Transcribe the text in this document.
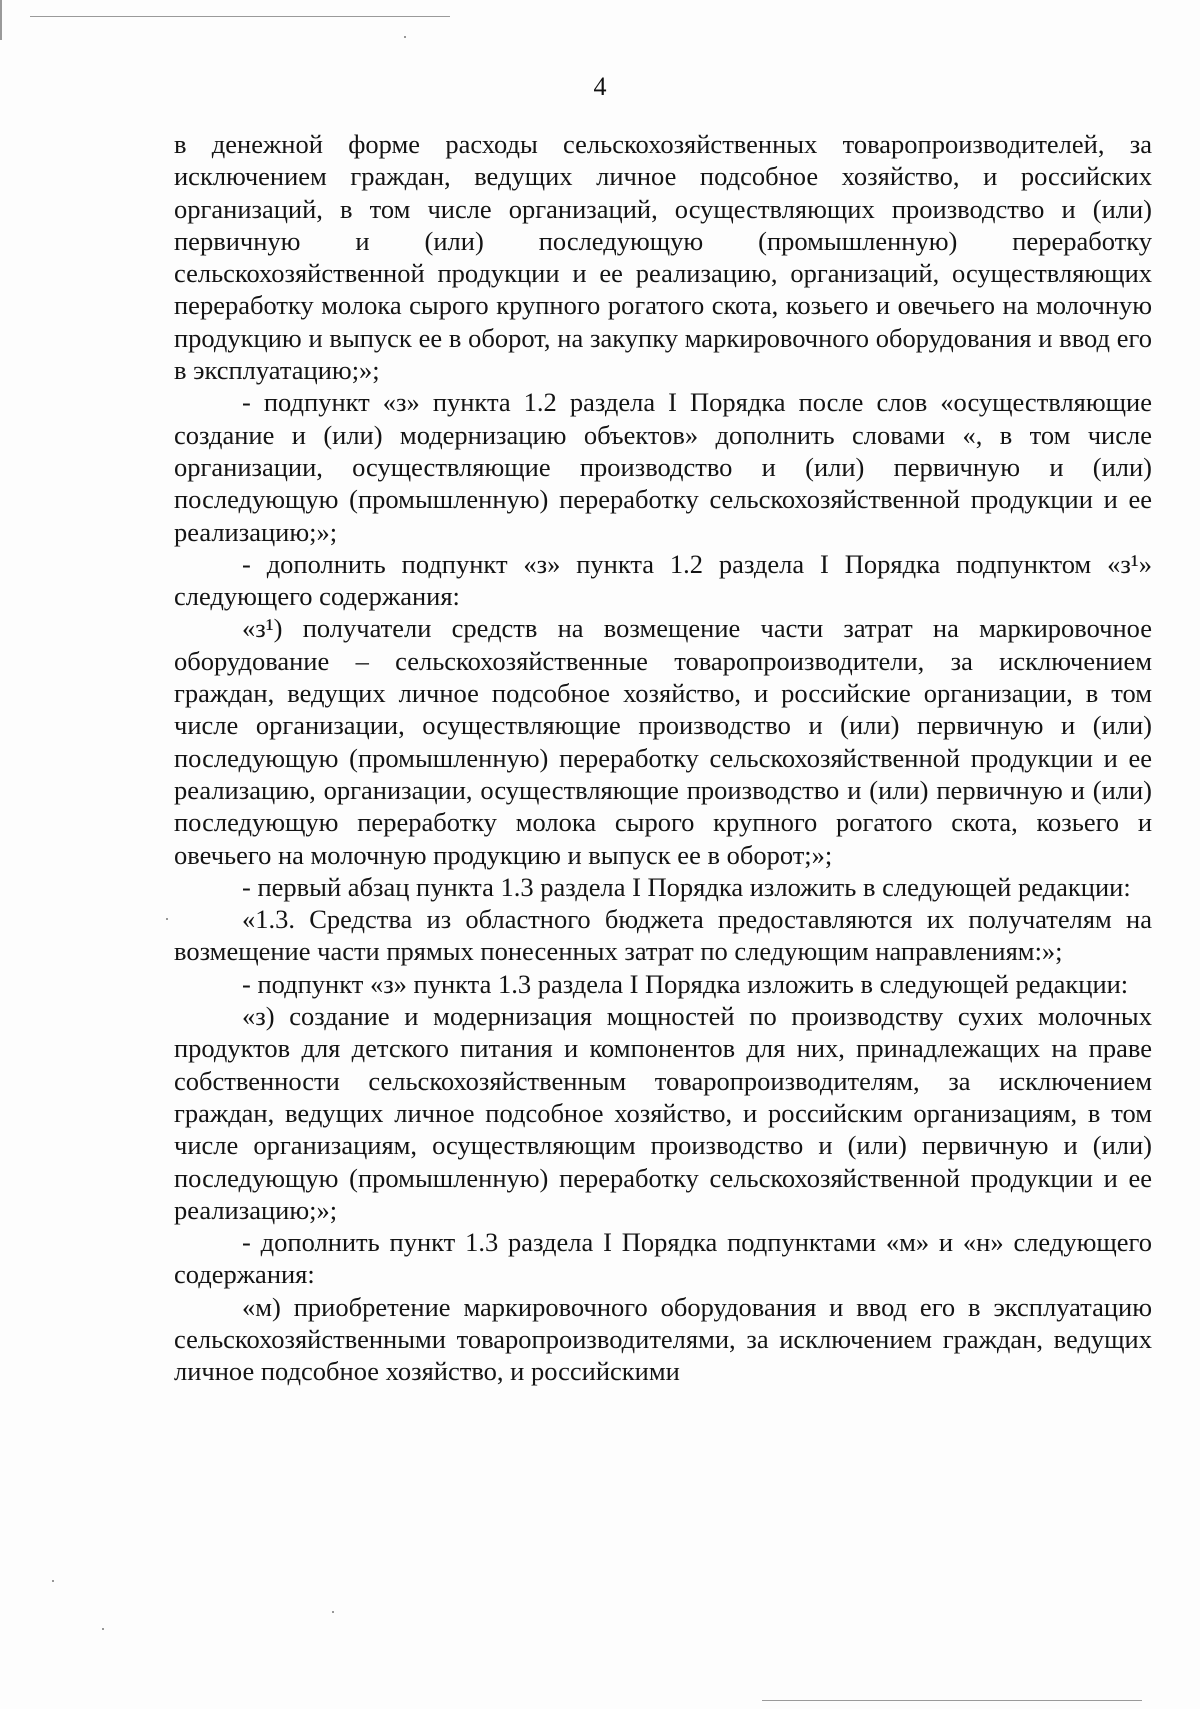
4

в денежной форме расходы сельскохозяйственных товаропроизводителей, за исключением граждан, ведущих личное подсобное хозяйство, и российских организаций, в том числе организаций, осуществляющих производство и (или) первичную и (или) последующую (промышленную) переработку сельскохозяйственной продукции и ее реализацию, организаций, осуществляющих переработку молока сырого крупного рогатого скота, козьего и овечьего на молочную продукцию и выпуск ее в оборот, на закупку маркировочного оборудования и ввод его в эксплуатацию;»;

- подпункт «з» пункта 1.2 раздела I Порядка после слов «осуществляющие создание и (или) модернизацию объектов» дополнить словами «, в том числе организации, осуществляющие производство и (или) первичную и (или) последующую (промышленную) переработку сельскохозяйственной продукции и ее реализацию;»;

- дополнить подпункт «з» пункта 1.2 раздела I Порядка подпунктом «з¹» следующего содержания:

«з¹) получатели средств на возмещение части затрат на маркировочное оборудование – сельскохозяйственные товаропроизводители, за исключением граждан, ведущих личное подсобное хозяйство, и российские организации, в том числе организации, осуществляющие производство и (или) первичную и (или) последующую (промышленную) переработку сельскохозяйственной продукции и ее реализацию, организации, осуществляющие производство и (или) первичную и (или) последующую переработку молока сырого крупного рогатого скота, козьего и овечьего на молочную продукцию и выпуск ее в оборот;»;

- первый абзац пункта 1.3 раздела I Порядка изложить в следующей редакции:

«1.3. Средства из областного бюджета предоставляются их получателям на возмещение части прямых понесенных затрат по следующим направлениям:»;

- подпункт «з» пункта 1.3 раздела I Порядка изложить в следующей редакции:

«з) создание и модернизация мощностей по производству сухих молочных продуктов для детского питания и компонентов для них, принадлежащих на праве собственности сельскохозяйственным товаропроизводителям, за исключением граждан, ведущих личное подсобное хозяйство, и российским организациям, в том числе организациям, осуществляющим производство и (или) первичную и (или) последующую (промышленную) переработку сельскохозяйственной продукции и ее реализацию;»;

- дополнить пункт 1.3 раздела I Порядка подпунктами «м» и «н» следующего содержания:

«м) приобретение маркировочного оборудования и ввод его в эксплуатацию сельскохозяйственными товаропроизводителями, за исключением граждан, ведущих личное подсобное хозяйство, и российскими
